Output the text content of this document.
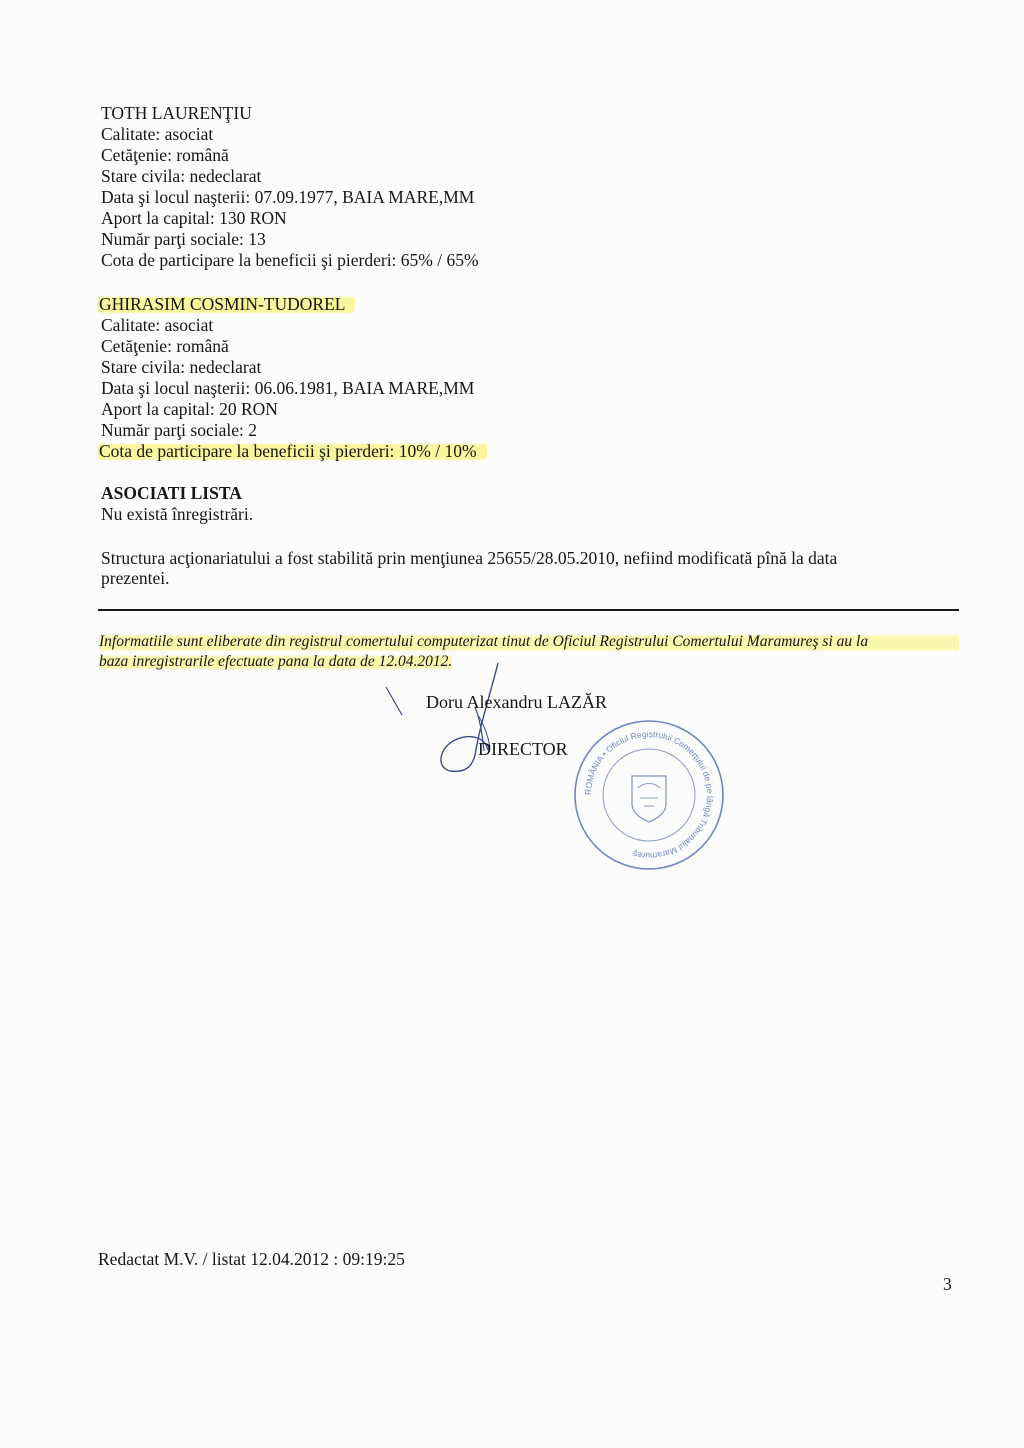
TOTH LAURENŢIU
Calitate: asociat
Cetăţenie: română
Stare civila: nedeclarat
Data şi locul naşterii: 07.09.1977, BAIA MARE,MM
Aport la capital: 130 RON
Număr parţi sociale: 13
Cota de participare la beneficii şi pierderi: 65% / 65%
GHIRASIM COSMIN-TUDOREL
Calitate: asociat
Cetăţenie: română
Stare civila: nedeclarat
Data şi locul naşterii: 06.06.1981, BAIA MARE,MM
Aport la capital: 20 RON
Număr parţi sociale: 2
Cota de participare la beneficii şi pierderi: 10% / 10%
ASOCIATI LISTA
Nu există înregistrări.
Structura acţionariatului a fost stabilită prin menţiunea 25655/28.05.2010, nefiind modificată pînă la data prezentei.
Informatiile sunt eliberate din registrul comertului computerizat tinut de Oficiul Registrului Comertului Maramureş si au la
baza inregistrarile efectuate pana la data de 12.04.2012.
Doru Alexandru LAZĂR
DIRECTOR
ROMÂNIA • Oficiul Registrului Comerţului de pe lângă Tribunalul Maramureş
Redactat M.V. / listat 12.04.2012 : 09:19:25
3
